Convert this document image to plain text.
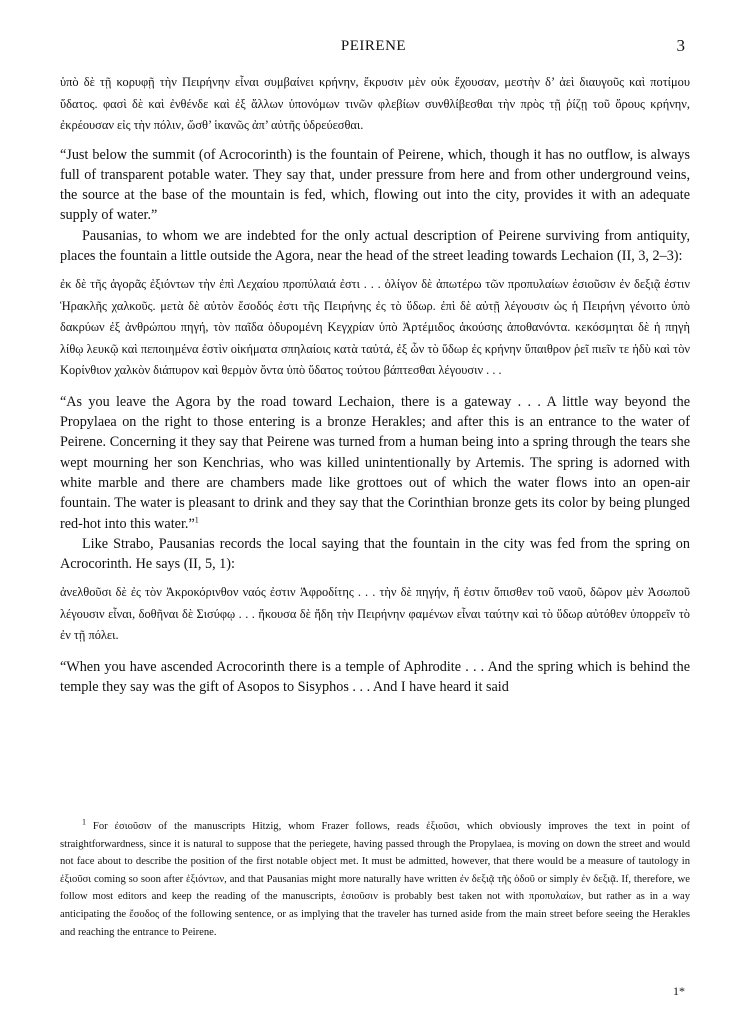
PEIRENE	3

ὑπὸ δὲ τῇ κορυφῇ τὴν Πειρήνην εἶναι συμβαίνει κρήνην, ἔκρυσιν μὲν οὐκ ἔχουσαν, μεστὴν δ’ ἀεὶ διαυγοῦς καὶ ποτίμου ὕδατος. φασὶ δὲ καὶ ἐνθένδε καὶ ἐξ ἄλλων ὑπονόμων τινῶν φλεβίων συνθλίβεσθαι τὴν πρὸς τῇ ῥίζῃ τοῦ ὄρους κρήνην, ἐκρέουσαν εἰς τὴν πόλιν, ὥσθ’ ἱκανῶς ἀπ’ αὐτῆς ὑδρεύεσθαι.

“Just below the summit (of Acrocorinth) is the fountain of Peirene, which, though it has no outflow, is always full of transparent potable water. They say that, under pressure from here and from other underground veins, the source at the base of the mountain is fed, which, flowing out into the city, provides it with an adequate supply of water.”

Pausanias, to whom we are indebted for the only actual description of Peirene surviving from antiquity, places the fountain a little outside the Agora, near the head of the street leading towards Lechaion (II, 3, 2–3):

ἐκ δὲ τῆς ἀγορᾶς ἐξιόντων τὴν ἐπὶ Λεχαίου προπύλαιά ἐστι . . . ὀλίγον δὲ ἀπωτέρω τῶν προπυλαίων ἐσιοῦσιν ἐν δεξιᾷ ἐστιν Ἡρακλῆς χαλκοῦς. μετὰ δὲ αὐτὸν ἔσοδός ἐστι τῆς Πειρήνης ἐς τὸ ὕδωρ. ἐπὶ δὲ αὐτῇ λέγουσιν ὡς ἡ Πειρήνη γένοιτο ὑπὸ δακρύων ἐξ ἀνθρώπου πηγή, τὸν παῖδα ὀδυρομένη Κεγχρίαν ὑπὸ Ἀρτέμιδος ἀκούσης ἀποθανόντα. κεκόσμηται δὲ ἡ πηγὴ λίθῳ λευκῷ καὶ πεποιημένα ἐστὶν οἰκήματα σπηλαίοις κατὰ ταὐτά, ἐξ ὧν τὸ ὕδωρ ἐς κρήνην ὕπαιθρον ῥεῖ πιεῖν τε ἡδὺ καὶ τὸν Κορίνθιον χαλκὸν διάπυρον καὶ θερμὸν ὄντα ὑπὸ ὕδατος τούτου βάπτεσθαι λέγουσιν . . .

“As you leave the Agora by the road toward Lechaion, there is a gateway . . . A little way beyond the Propylaea on the right to those entering is a bronze Herakles; and after this is an entrance to the water of Peirene. Concerning it they say that Peirene was turned from a human being into a spring through the tears she wept mourning her son Kenchrias, who was killed unintentionally by Artemis. The spring is adorned with white marble and there are chambers made like grottoes out of which the water flows into an open-air fountain. The water is pleasant to drink and they say that the Corinthian bronze gets its color by being plunged red-hot into this water.”$^1$

Like Strabo, Pausanias records the local saying that the fountain in the city was fed from the spring on Acrocorinth. He says (II, 5, 1):

ἀνελθοῦσι δὲ ἐς τὸν Ἀκροκόρινθον ναός ἐστιν Ἀφροδίτης . . . τὴν δὲ πηγήν, ἥ ἐστιν ὄπισθεν τοῦ ναοῦ, δῶρον μὲν Ἀσωποῦ λέγουσιν εἶναι, δοθῆναι δὲ Σισύφῳ . . . ἤκουσα δὲ ἤδη τὴν Πειρήνην φαμένων εἶναι ταύτην καὶ τὸ ὕδωρ αὐτόθεν ὑπορρεῖν τὸ ἐν τῇ πόλει.

“When you have ascended Acrocorinth there is a temple of Aphrodite . . . And the spring which is behind the temple they say was the gift of Asopos to Sisyphos . . . And I have heard it said

$^1$ For ἐσιοῦσιν of the manuscripts Hitzig, whom Frazer follows, reads ἐξιοῦσι, which obviously improves the text in point of straightforwardness, since it is natural to suppose that the periegete, having passed through the Propylaea, is moving on down the street and would not face about to describe the position of the first notable object met. It must be admitted, however, that there would be a measure of tautology in ἐξιοῦσι coming so soon after ἐξιόντων, and that Pausanias might more naturally have written ἐν δεξιᾷ τῆς ὁδοῦ or simply ἐν δεξιᾷ. If, therefore, we follow most editors and keep the reading of the manuscripts, ἐσιοῦσιν is probably best taken not with προπυλαίων, but rather as in a way anticipating the ἔσοδος of the following sentence, or as implying that the traveler has turned aside from the main street before seeing the Herakles and reaching the entrance to Peirene.

1*
